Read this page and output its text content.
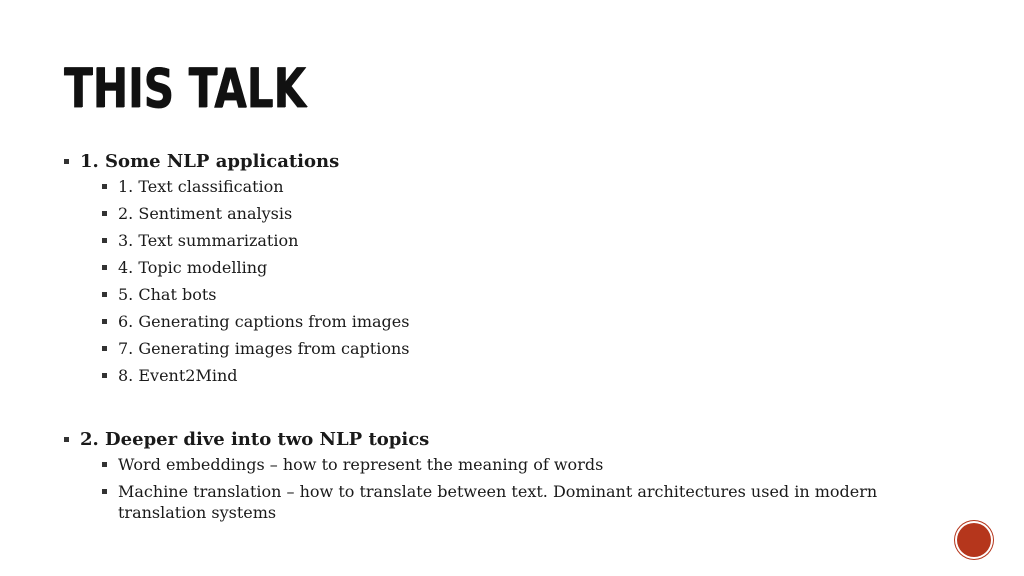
THIS TALK
1. Some NLP applications
1. Text classification
2. Sentiment analysis
3. Text summarization
4. Topic modelling
5. Chat bots
6. Generating captions from images
7. Generating images from captions
8. Event2Mind
2. Deeper dive into two NLP topics
Word embeddings – how to represent the meaning of words
Machine translation – how to translate between text. Dominant architectures used in modern translation systems
